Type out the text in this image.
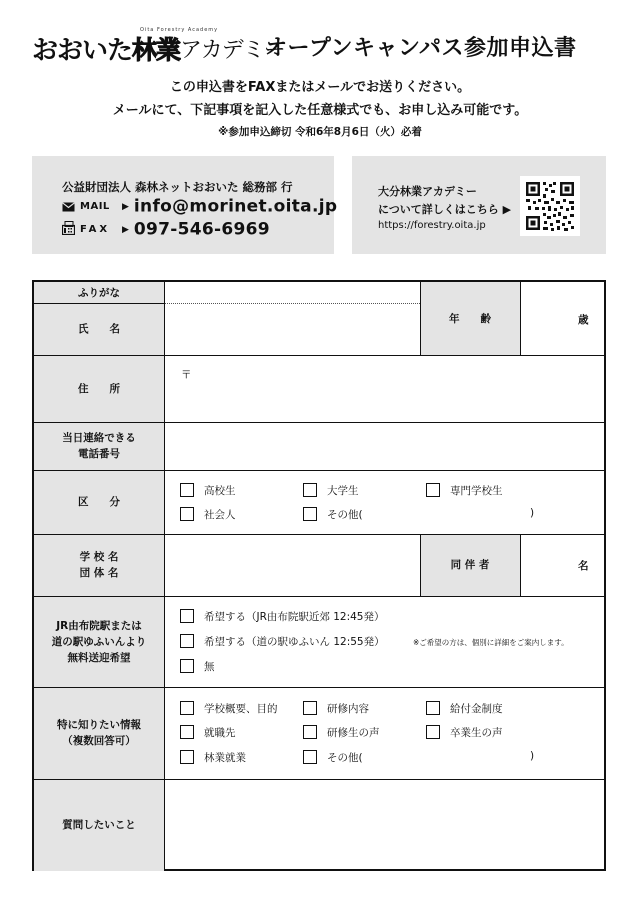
おおいた林業アカデミー
Oita Forestry Academy
オープンキャンパス参加申込書
この申込書をFAXまたはメールでお送りください。
メールにて、下記事項を記入した任意様式でも、お申し込み可能です。
※参加申込締切 令和6年8月6日（火）必着
公益財団法人 森林ネットおおいた 総務部 行
MAIL ▶ info@morinet.oita.jp
FAX ▶ 097-546-6969
大分林業アカデミー
について詳しくはこちら ▶
https://forestry.oita.jp
ふりがな
氏　　名
年　　齢	歳
住　　所
〒
当日連絡できる
電話番号
区　　分
高校生	大学生	専門学校生
社会人	その他(	)
学 校 名
団 体 名
同 伴 者	名
JR由布院駅または
道の駅ゆふいんより
無料送迎希望
希望する（JR由布院駅近郊 12:45発）
希望する（道の駅ゆふいん 12:55発）	※ご希望の方は、個別に詳細をご案内します。
無
特に知りたい情報
（複数回答可）
学校概要、目的	研修内容	給付金制度
就職先	研修生の声	卒業生の声
林業就業	その他(	)
質問したいこと
